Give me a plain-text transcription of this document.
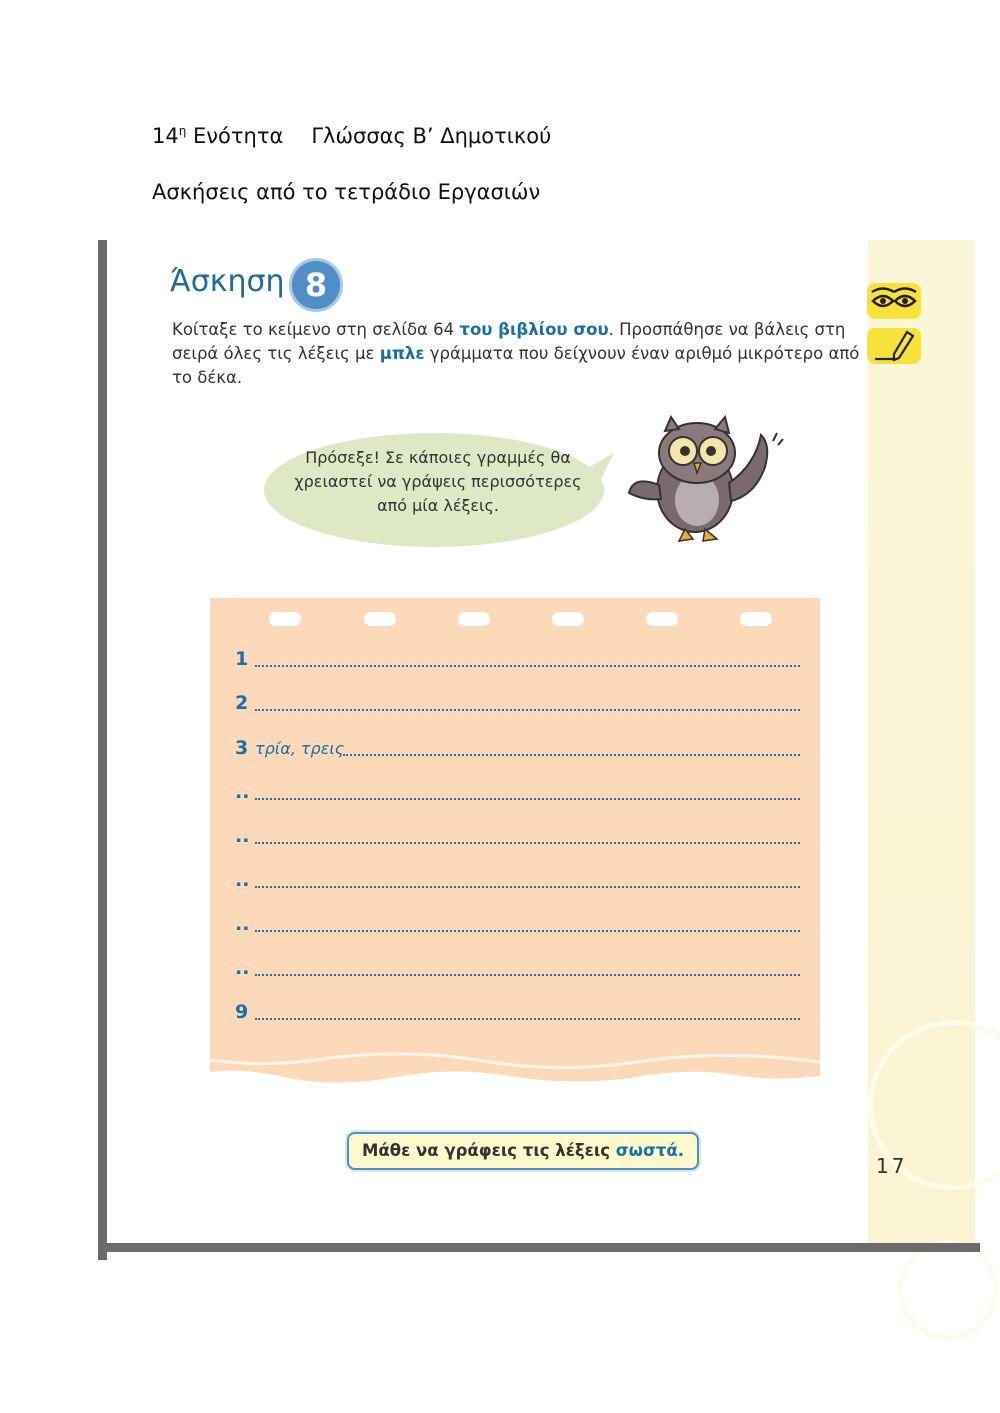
$14^\eta$ Ενότητα Γλώσσας Β’ Δημοτικού
Ασκήσεις από το τετράδιο Εργασιών
Άσκηση 8
Κοίταξε το κείμενο στη σελίδα 64 του βιβλίου σου. Προσπάθησε να βάλεις στη σειρά όλες τις λέξεις με μπλε γράμματα που δείχνουν έναν αριθμό μικρότερο από το δέκα.
Πρόσεξε! Σε κάποιες γραμμές θα χρειαστεί να γράψεις περισσότερες από μία λέξεις.
1
2
3 τρία, τρεις
..
..
..
..
..
9
Μάθε να γράφεις τις λέξεις σωστά.
17
